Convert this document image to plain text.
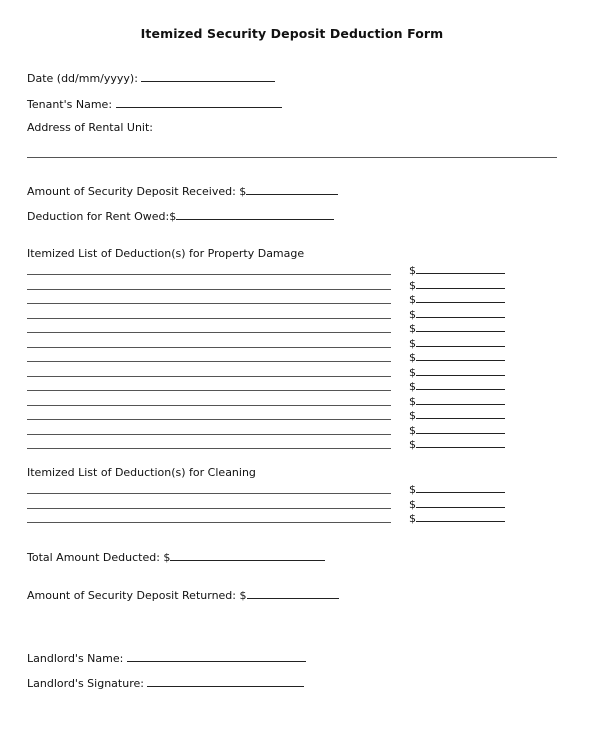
Itemized Security Deposit Deduction Form
Date (dd/mm/yyyy):
Tenant's Name:
Address of Rental Unit:
Amount of Security Deposit Received: $
Deduction for Rent Owed:$
Itemized List of Deduction(s) for Property Damage
$
$
$
$
$
$
$
$
$
$
$
$
$
Itemized List of Deduction(s) for Cleaning
$
$
$
Total Amount Deducted: $
Amount of Security Deposit Returned: $
Landlord's Name:
Landlord's Signature:
